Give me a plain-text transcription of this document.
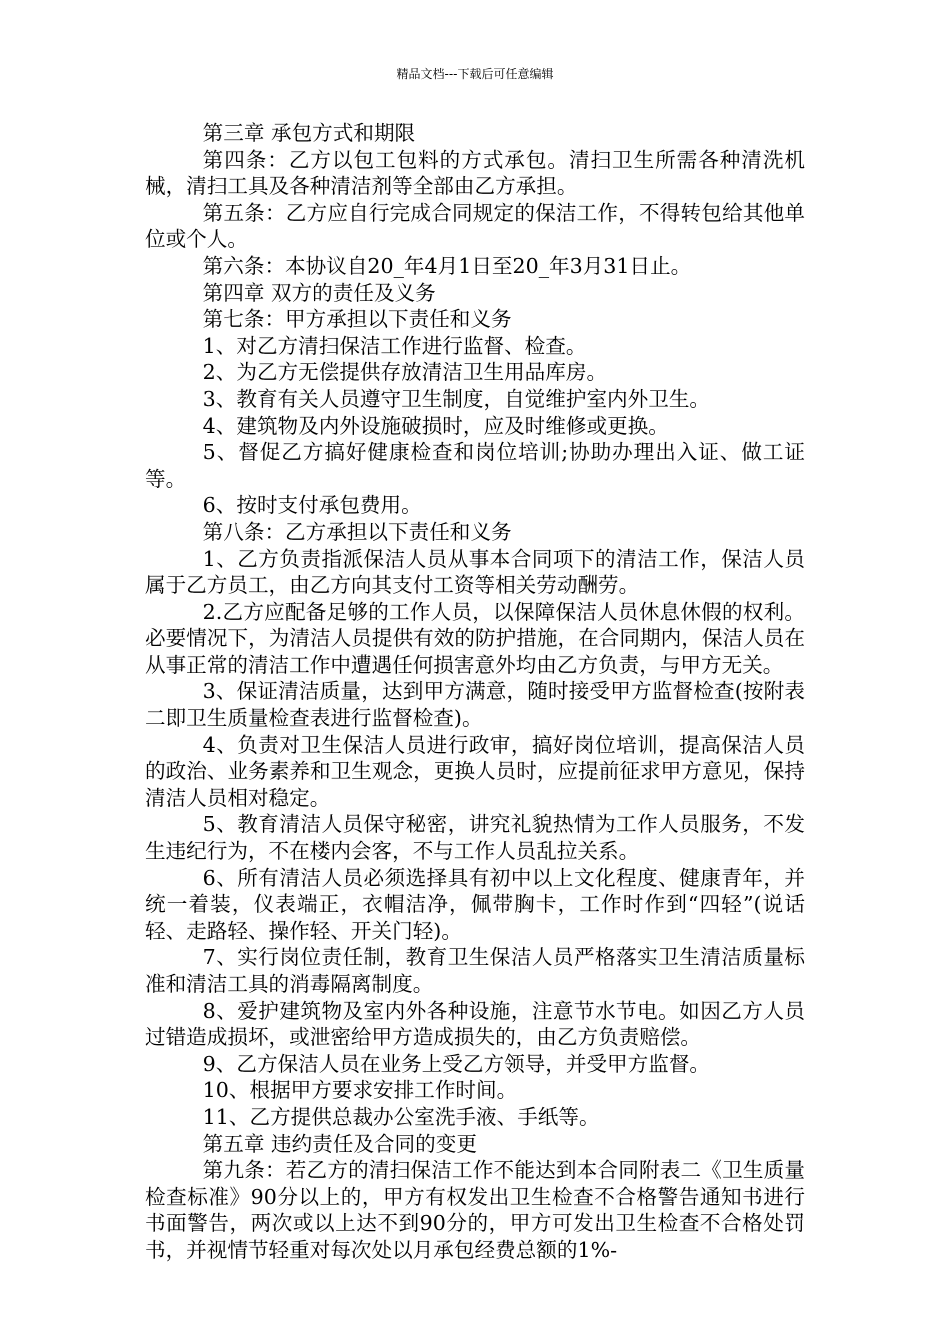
精品文档---下载后可任意编辑

第三章 承包方式和期限

第四条：乙方以包工包料的方式承包。清扫卫生所需各种清洗机械，清扫工具及各种清洁剂等全部由乙方承担。

第五条：乙方应自行完成合同规定的保洁工作，不得转包给其他单位或个人。

第六条：本协议自20_年4月1日至20_年3月31日止。

第四章 双方的责任及义务

第七条：甲方承担以下责任和义务

1、对乙方清扫保洁工作进行监督、检查。

2、为乙方无偿提供存放清洁卫生用品库房。

3、教育有关人员遵守卫生制度，自觉维护室内外卫生。

4、建筑物及内外设施破损时，应及时维修或更换。

5、督促乙方搞好健康检查和岗位培训;协助办理出入证、做工证等。

6、按时支付承包费用。

第八条：乙方承担以下责任和义务

1、乙方负责指派保洁人员从事本合同项下的清洁工作，保洁人员属于乙方员工，由乙方向其支付工资等相关劳动酬劳。

2.乙方应配备足够的工作人员，以保障保洁人员休息休假的权利。必要情况下，为清洁人员提供有效的防护措施，在合同期内，保洁人员在从事正常的清洁工作中遭遇任何损害意外均由乙方负责，与甲方无关。

3、保证清洁质量，达到甲方满意，随时接受甲方监督检查(按附表二即卫生质量检查表进行监督检查)。

4、负责对卫生保洁人员进行政审，搞好岗位培训，提高保洁人员的政治、业务素养和卫生观念，更换人员时，应提前征求甲方意见，保持清洁人员相对稳定。

5、教育清洁人员保守秘密，讲究礼貌热情为工作人员服务，不发生违纪行为，不在楼内会客，不与工作人员乱拉关系。

6、所有清洁人员必须选择具有初中以上文化程度、健康青年，并统一着装，仪表端正，衣帽洁净，佩带胸卡，工作时作到“四轻”(说话轻、走路轻、操作轻、开关门轻)。

7、实行岗位责任制，教育卫生保洁人员严格落实卫生清洁质量标准和清洁工具的消毒隔离制度。

8、爱护建筑物及室内外各种设施，注意节水节电。如因乙方人员过错造成损坏，或泄密给甲方造成损失的，由乙方负责赔偿。

9、乙方保洁人员在业务上受乙方领导，并受甲方监督。

10、根据甲方要求安排工作时间。

11、乙方提供总裁办公室洗手液、手纸等。

第五章 违约责任及合同的变更

第九条：若乙方的清扫保洁工作不能达到本合同附表二《卫生质量检查标准》90分以上的，甲方有权发出卫生检查不合格警告通知书进行书面警告，两次或以上达不到90分的，甲方可发出卫生检查不合格处罚书，并视情节轻重对每次处以月承包经费总额的1%-
